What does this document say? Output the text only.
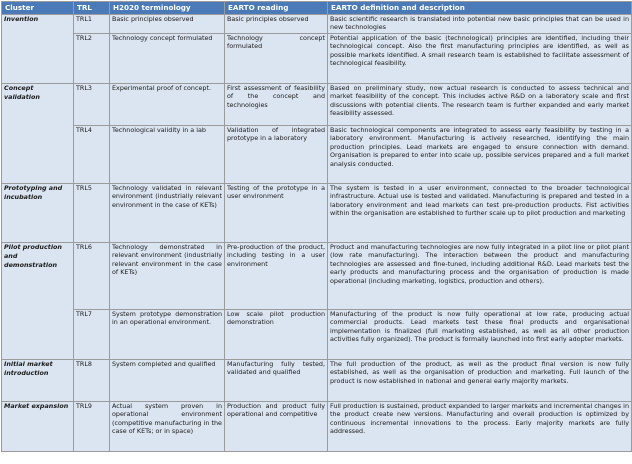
Cluster	TRL	H2020 terminology	EARTO reading	EARTO definition and description
Invention	TRL1	Basic principles observed	Basic principles observed	Basic scientific research is translated into potential new basic principles that can be used in new technologies
	TRL2	Technology concept formulated	Technology concept formulated	Potential application of the basic (technological) principles are identified, including their technological concept. Also the first manufacturing principles are identified, as well as possible markets identified. A small research team is established to facilitate assessment of technological feasibility.
Concept validation	TRL3	Experimental proof of concept.	First assessment of feasibility of the concept and technologies	Based on preliminary study, now actual research is conducted to assess technical and market feasibility of the concept. This includes active R&D on a laboratory scale and first discussions with potential clients. The research team is further expanded and early market feasibility assessed.
	TRL4	Technological validity in a lab	Validation of integrated prototype in a laboratory	Basic technological components are integrated to assess early feasibility by testing in a laboratory environment. Manufacturing is actively researched, identifying the main production principles. Lead markets are engaged to ensure connection with demand. Organisation is prepared to enter into scale up, possible services prepared and a full market analysis conducted.
Prototyping and incubation	TRL5	Technology validated in relevant environment (industrially relevant environment in the case of KETs)	Testing of the prototype in a user environment	The system is tested in a user environment, connected to the broader technological infrastructure. Actual use is tested and validated. Manufacturing is prepared and tested in a laboratory environment and lead markets can test pre-production products. Fist activities within the organisation are established to further scale up to pilot production and marketing
Pilot production and demonstration	TRL6	Technology demonstrated in relevant environment (industrially relevant environment in the case of KETs)	Pre-production of the product, including testing in a user environment	Product and manufacturing technologies are now fully integrated in a pilot line or pilot plant (low rate manufacturing). The interaction between the product and manufacturing technologies are assessed and fine-tuned, including additional R&D. Lead markets test the early products and manufacturing process and the organisation of production is made operational (including marketing, logistics, production and others).
	TRL7	System prototype demonstration in an operational environment.	Low scale pilot production demonstration	Manufacturing of the product is now fully operational at low rate, producing actual commercial products. Lead markets test these final products and organisational implementation is finalized (full marketing established, as well as all other production activities fully organized). The product is formally launched into first early adopter markets.
Initial market introduction	TRL8	System completed and qualified	Manufacturing fully tested, validated and qualified	The full production of the product, as well as the product final version is now fully established, as well as the organisation of production and marketing. Full launch of the product is now established in national and general early majority markets.
Market expansion	TRL9	Actual system proven in operational environment (competitive manufacturing in the case of KETs; or in space)	Production and product fully operational and competitive	Full production is sustained, product expanded to larger markets and incremental changes in the product create new versions. Manufacturing and overall production is optimized by continuous incremental innovations to the process. Early majority markets are fully addressed.
